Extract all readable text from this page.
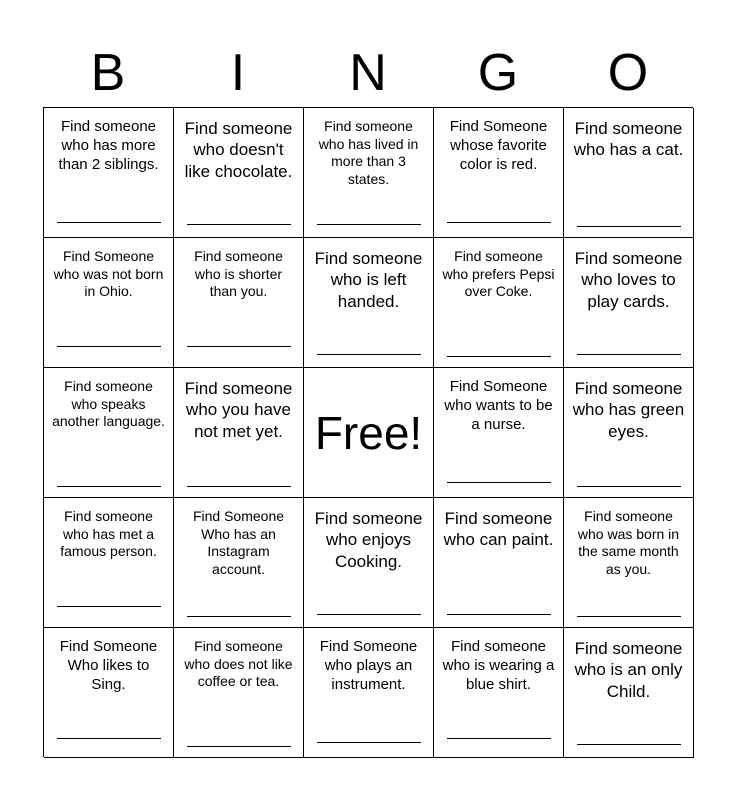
B	I	N	G	O
Find someone who has more than 2 siblings.
Find someone who doesn't like chocolate.
Find someone who has lived in more than 3 states.
Find Someone whose favorite color is red.
Find someone who has a cat.
Find Someone who was not born in Ohio.
Find someone who is shorter than you.
Find someone who is left handed.
Find someone who prefers Pepsi over Coke.
Find someone who loves to play cards.
Find someone who speaks another language.
Find someone who you have not met yet. Free!
Find Someone who wants to be a nurse.
Find someone who has green eyes.
Find someone who has met a famous person.
Find Someone Who has an Instagram account.
Find someone who enjoys Cooking.
Find someone who can paint.
Find someone who was born in the same month as you.
Find Someone Who likes to Sing.
Find someone who does not like coffee or tea.
Find Someone who plays an instrument.
Find someone who is wearing a blue shirt.
Find someone who is an only Child.
